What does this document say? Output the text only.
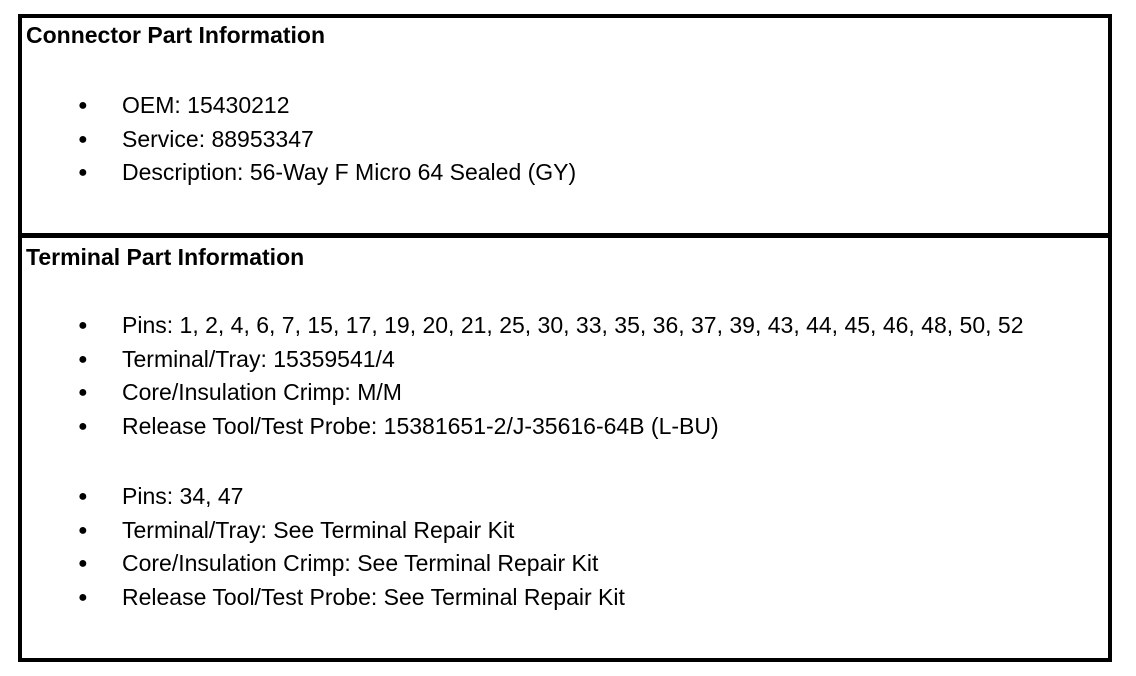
Connector Part Information
● OEM: 15430212
● Service: 88953347
● Description: 56-Way F Micro 64 Sealed (GY)
Terminal Part Information
● Pins: 1, 2, 4, 6, 7, 15, 17, 19, 20, 21, 25, 30, 33, 35, 36, 37, 39, 43, 44, 45, 46, 48, 50, 52
● Terminal/Tray: 15359541/4
● Core/Insulation Crimp: M/M
● Release Tool/Test Probe: 15381651-2/J-35616-64B (L-BU)
● Pins: 34, 47
● Terminal/Tray: See Terminal Repair Kit
● Core/Insulation Crimp: See Terminal Repair Kit
● Release Tool/Test Probe: See Terminal Repair Kit
